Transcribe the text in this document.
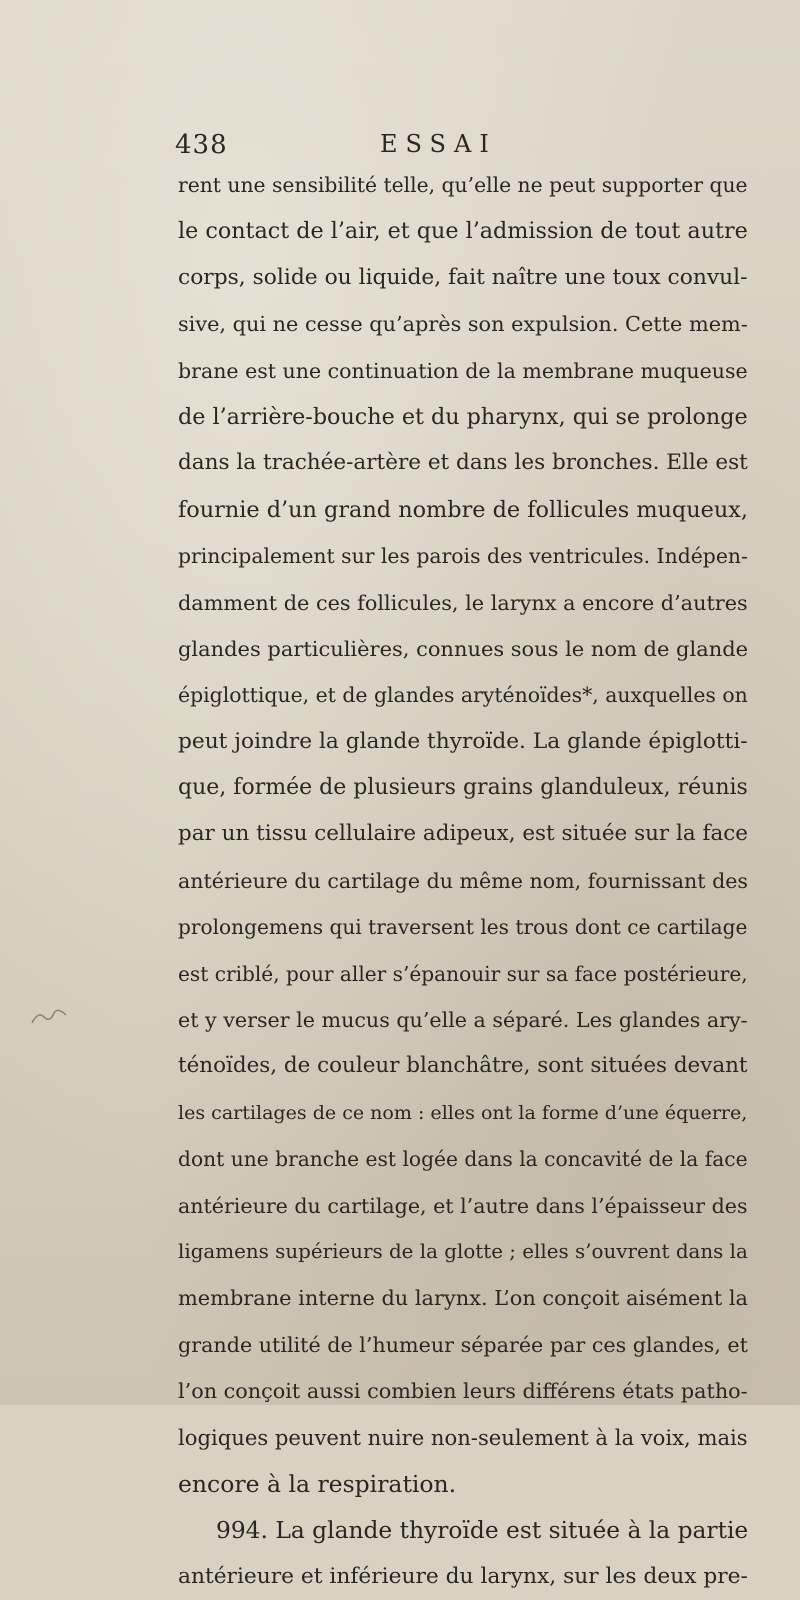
438	ESSAI
rent une sensibilité telle, qu’elle ne peut supporter que
le contact de l’air, et que l’admission de tout autre
corps, solide ou liquide, fait naître une toux convul-
sive, qui ne cesse qu’après son expulsion. Cette mem-
brane est une continuation de la membrane muqueuse
de l’arrière-bouche et du pharynx, qui se prolonge
dans la trachée-artère et dans les bronches. Elle est
fournie d’un grand nombre de follicules muqueux,
principalement sur les parois des ventricules. Indépen-
damment de ces follicules, le larynx a encore d’autres
glandes particulières, connues sous le nom de glande
épiglottique, et de glandes aryténoïdes*, auxquelles on
peut joindre la glande thyroïde. La glande épiglotti-
que, formée de plusieurs grains glanduleux, réunis
par un tissu cellulaire adipeux, est située sur la face
antérieure du cartilage du même nom, fournissant des
prolongemens qui traversent les trous dont ce cartilage
est criblé, pour aller s’épanouir sur sa face postérieure,
et y verser le mucus qu’elle a séparé. Les glandes ary-
ténoïdes, de couleur blanchâtre, sont situées devant
les cartilages de ce nom : elles ont la forme d’une équerre,
dont une branche est logée dans la concavité de la face
antérieure du cartilage, et l’autre dans l’épaisseur des
ligamens supérieurs de la glotte ; elles s’ouvrent dans la
membrane interne du larynx. L’on conçoit aisément la
grande utilité de l’humeur séparée par ces glandes, et
l’on conçoit aussi combien leurs différens états patho-
logiques peuvent nuire non-seulement à la voix, mais
encore à la respiration.
994. La glande thyroïde est située à la partie
antérieure et inférieure du larynx, sur les deux pre-
